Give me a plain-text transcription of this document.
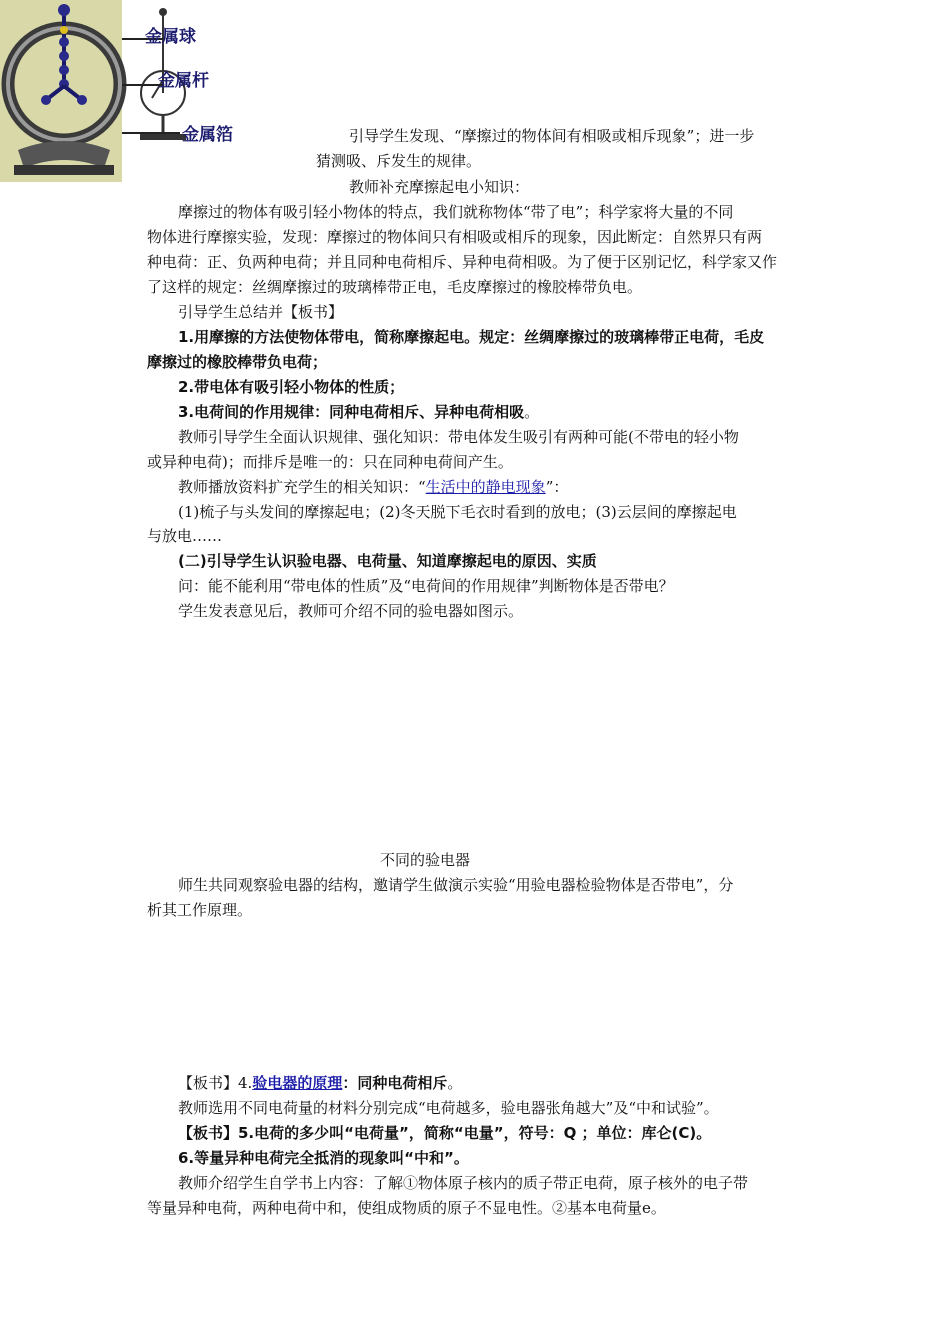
金属球
金属杆
金属箔	引导学生发现、“摩擦过的物体间有相吸或相斥现象”；进一步
猜测吸、斥发生的规律。
教师补充摩擦起电小知识：
摩擦过的物体有吸引轻小物体的特点，我们就称物体“带了电”；科学家将大量的不同
物体进行摩擦实验，发现：摩擦过的物体间只有相吸或相斥的现象，因此断定：自然界只有两
种电荷：正、负两种电荷；并且同种电荷相斥、异种电荷相吸。为了便于区别记忆，科学家又作
了这样的规定：丝绸摩擦过的玻璃棒带正电，毛皮摩擦过的橡胶棒带负电。
引导学生总结并【板书】
1.用摩擦的方法使物体带电，简称摩擦起电。规定：丝绸摩擦过的玻璃棒带正电荷，毛皮
摩擦过的橡胶棒带负电荷；
2.带电体有吸引轻小物体的性质；
3.电荷间的作用规律：同种电荷相斥、异种电荷相吸。
教师引导学生全面认识规律、强化知识：带电体发生吸引有两种可能(不带电的轻小物
或异种电荷)；而排斥是唯一的：只在同种电荷间产生。
教师播放资料扩充学生的相关知识：“生活中的静电现象”：
(1)梳子与头发间的摩擦起电；(2)冬天脱下毛衣时看到的放电；(3)云层间的摩擦起电
与放电……
(二)引导学生认识验电器、电荷量、知道摩擦起电的原因、实质
问：能不能利用“带电体的性质”及“电荷间的作用规律”判断物体是否带电？
学生发表意见后，教师可介绍不同的验电器如图示。
不同的验电器
师生共同观察验电器的结构，邀请学生做演示实验“用验电器检验物体是否带电”，分
析其工作原理。
【板书】4.验电器的原理：同种电荷相斥。
教师选用不同电荷量的材料分别完成“电荷越多，验电器张角越大”及“中和试验”。
【板书】5.电荷的多少叫“电荷量”，简称“电量”，符号：Q ；单位：库仑(C)。
6.等量异种电荷完全抵消的现象叫“中和”。
教师介绍学生自学书上内容：了解①物体原子核内的质子带正电荷，原子核外的电子带
等量异种电荷，两种电荷中和，使组成物质的原子不显电性。②基本电荷量e。
